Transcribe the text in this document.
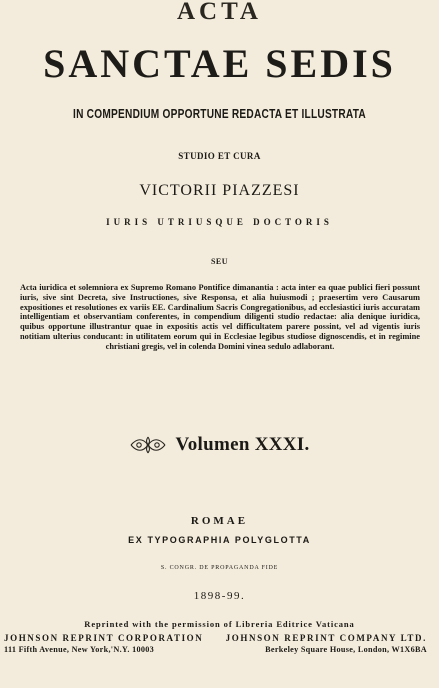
ACTA
SANCTAE SEDIS
IN COMPENDIUM OPPORTUNE REDACTA ET ILLUSTRATA
STUDIO ET CURA
VICTORII PIAZZESI
IURIS UTRIUSQUE DOCTORIS
SEU
Acta iuridica et solemniora ex Supremo Romano Pontifice dimanantia : acta inter ea quae publici fieri possunt iuris, sive sint Decreta, sive Instructiones, sive Responsa, et alia huiusmodi ; praesertim vero Causarum expositiones et resolutiones ex variis EE. Cardinalium Sacris Congregationibus, ad ecclesiastici iuris accuratam intelligentiam et observantiam conferentes, in compendium diligenti studio redactae: alia denique iuridica, quibus opportune illustrantur quae in expositis actis vel difficultatem parere possint, vel ad vigentis iuris notitiam ulterius conducant: in utilitatem eorum qui in Ecclesiae legibus studiose dignoscendis, et in regimine christiani gregis, vel in colenda Domini vinea sedulo adlaborant.
Volumen XXXI.
ROMAE
EX TYPOGRAPHIA POLYGLOTTA
S. CONGR. DE PROPAGANDA FIDE
1898-99.
Reprinted with the permission of Libreria Editrice Vaticana
JOHNSON REPRINT CORPORATION JOHNSON REPRINT COMPANY LTD.
111 Fifth Avenue, New York,'N.Y. 10003	Berkeley Square House, London, W1X6BA
